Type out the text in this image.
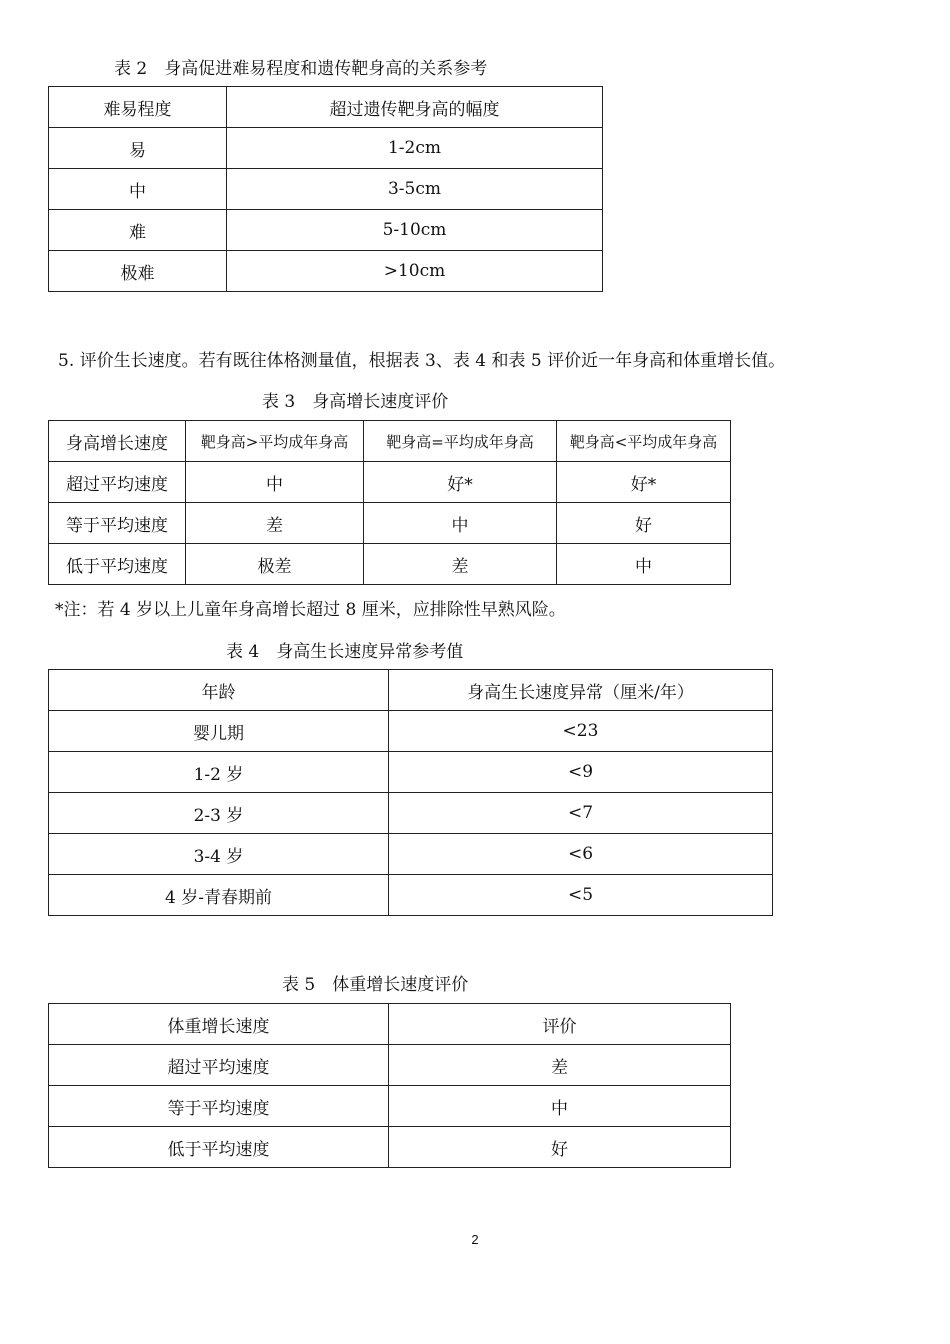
表 2　身高促进难易程度和遗传靶身高的关系参考
难易程度	超过遗传靶身高的幅度
易	1-2cm
中	3-5cm
难	5-10cm
极难	>10cm
5. 评价生长速度。若有既往体格测量值，根据表 3、表 4 和表 5 评价近一年身高和体重增长值。
表 3　身高增长速度评价
身高增长速度	靶身高>平均成年身高	靶身高=平均成年身高	靶身高<平均成年身高
超过平均速度	中	好*	好*
等于平均速度	差	中	好
低于平均速度	极差	差	中
*注：若 4 岁以上儿童年身高增长超过 8 厘米，应排除性早熟风险。
表 4　身高生长速度异常参考值
年龄	身高生长速度异常（厘米/年）
婴儿期	<23
1-2 岁	<9
2-3 岁	<7
3-4 岁	<6
4 岁-青春期前	<5
表 5　体重增长速度评价
体重增长速度	评价
超过平均速度	差
等于平均速度	中
低于平均速度	好
2
